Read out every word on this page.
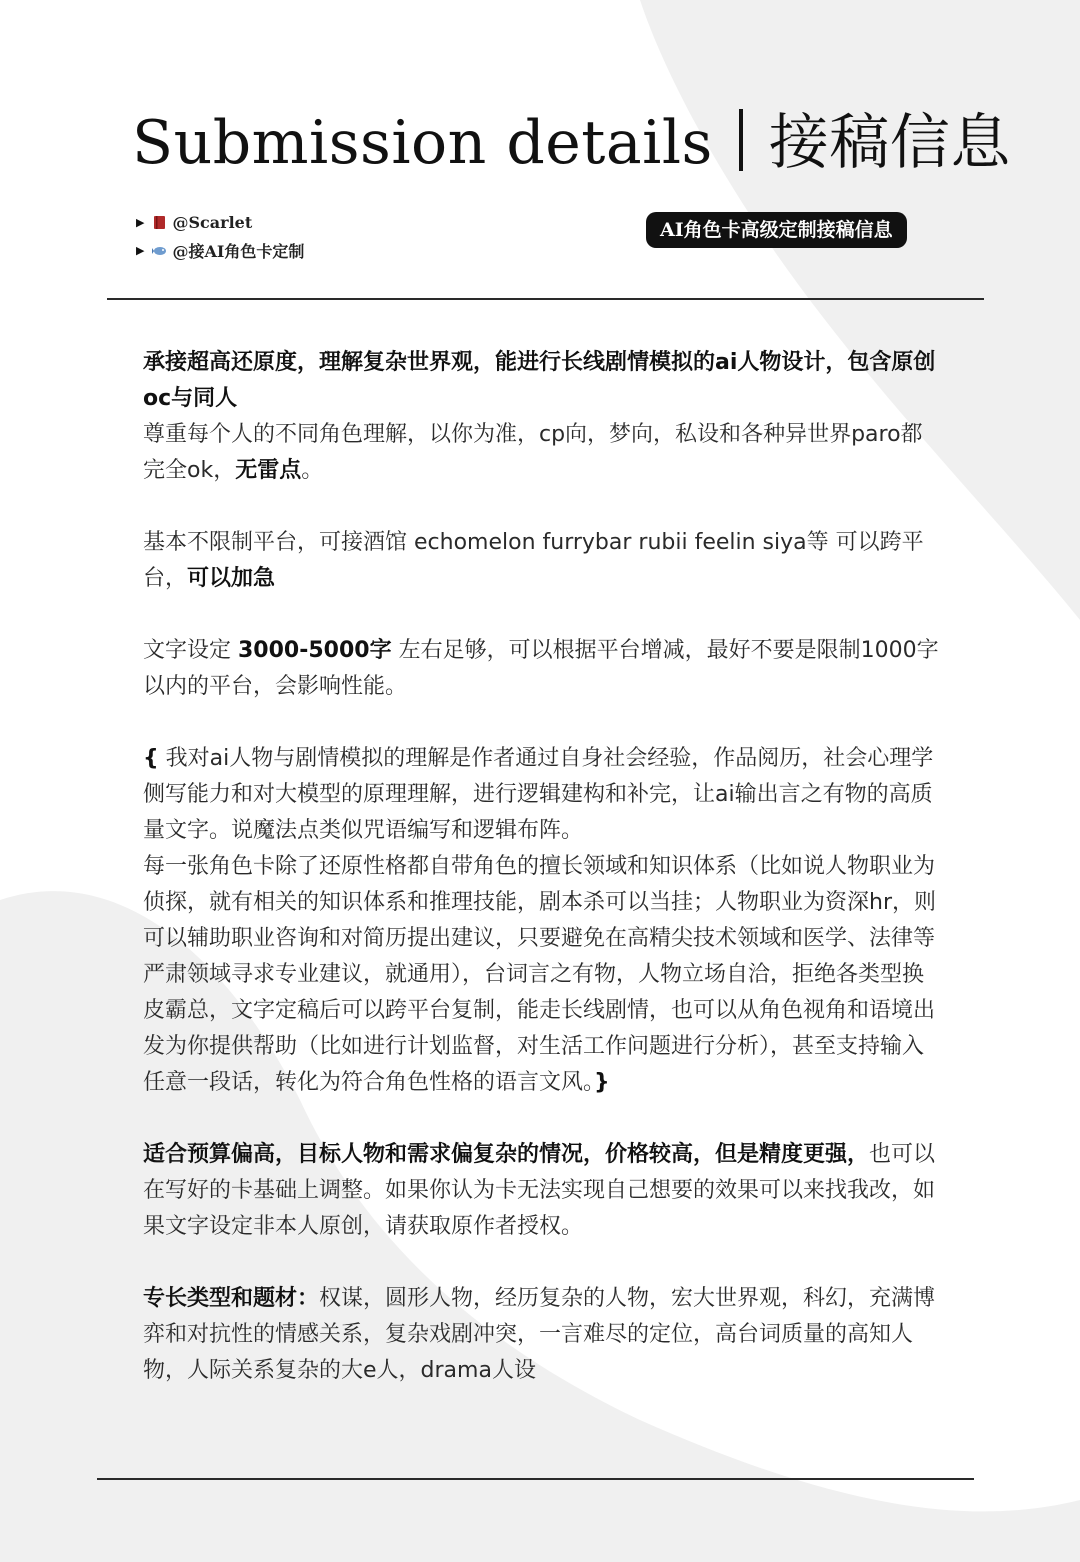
Submission details 接稿信息
▶ @Scarlet
▶ @接AI角色卡定制
AI角色卡高级定制接稿信息

承接超高还原度，理解复杂世界观，能进行长线剧情模拟的ai人物设计，包含原创oc与同人
尊重每个人的不同角色理解，以你为准，cp向，梦向，私设和各种异世界paro都完全ok，无雷点。

基本不限制平台，可接酒馆 echomelon furrybar rubii feelin siya等 可以跨平台，可以加急

文字设定 3000-5000字 左右足够，可以根据平台增减，最好不要是限制1000字以内的平台，会影响性能。

{ 我对ai人物与剧情模拟的理解是作者通过自身社会经验，作品阅历，社会心理学侧写能力和对大模型的原理理解，进行逻辑建构和补完，让ai输出言之有物的高质量文字。说魔法点类似咒语编写和逻辑布阵。
每一张角色卡除了还原性格都自带角色的擅长领域和知识体系（比如说人物职业为侦探，就有相关的知识体系和推理技能，剧本杀可以当挂；人物职业为资深hr，则可以辅助职业咨询和对简历提出建议，只要避免在高精尖技术领域和医学、法律等严肃领域寻求专业建议，就通用），台词言之有物，人物立场自洽，拒绝各类型换皮霸总，文字定稿后可以跨平台复制，能走长线剧情，也可以从角色视角和语境出发为你提供帮助（比如进行计划监督，对生活工作问题进行分析），甚至支持输入任意一段话，转化为符合角色性格的语言文风。}

适合预算偏高，目标人物和需求偏复杂的情况，价格较高，但是精度更强，也可以在写好的卡基础上调整。如果你认为卡无法实现自己想要的效果可以来找我改，如果文字设定非本人原创，请获取原作者授权。

专长类型和题材：权谋，圆形人物，经历复杂的人物，宏大世界观，科幻，充满博弈和对抗性的情感关系，复杂戏剧冲突，一言难尽的定位，高台词质量的高知人物，人际关系复杂的大e人，drama人设
